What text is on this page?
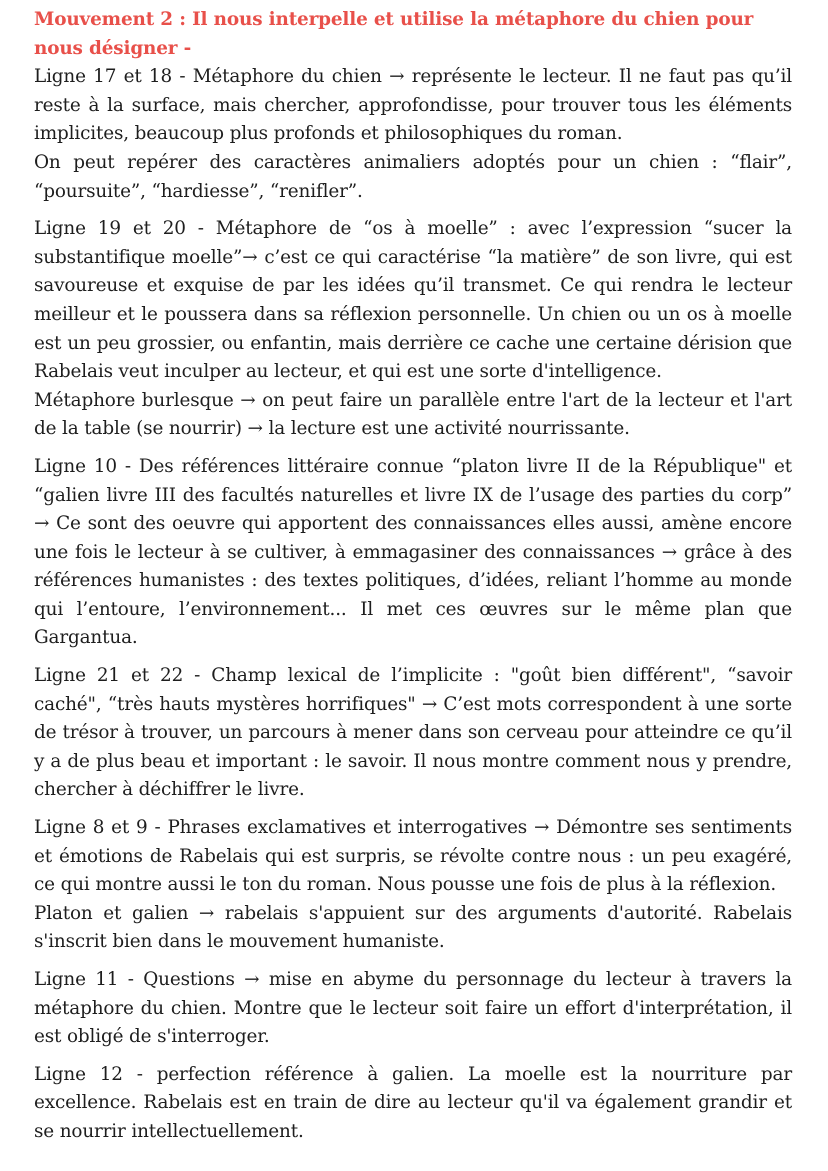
Mouvement 2 : Il nous interpelle et utilise la métaphore du chien pour nous désigner -

Ligne 17 et 18 - Métaphore du chien → représente le lecteur. Il ne faut pas qu’il reste à la surface, mais chercher, approfondisse, pour trouver tous les éléments implicites, beaucoup plus profonds et philosophiques du roman.

On peut repérer des caractères animaliers adoptés pour un chien : “flair”, “poursuite”, “hardiesse”, “renifler”.

Ligne 19 et 20 - Métaphore de “os à moelle” : avec l’expression “sucer la substantifique moelle”→ c’est ce qui caractérise “la matière” de son livre, qui est savoureuse et exquise de par les idées qu’il transmet. Ce qui rendra le lecteur meilleur et le poussera dans sa réflexion personnelle. Un chien ou un os à moelle est un peu grossier, ou enfantin, mais derrière ce cache une certaine dérision que Rabelais veut inculper au lecteur, et qui est une sorte d'intelligence.

Métaphore burlesque → on peut faire un parallèle entre l'art de la lecteur et l'art de la table (se nourrir) → la lecture est une activité nourrissante.

Ligne 10 - Des références littéraire connue “platon livre II de la République" et “galien livre III des facultés naturelles et livre IX de l’usage des parties du corp” → Ce sont des oeuvre qui apportent des connaissances elles aussi, amène encore une fois le lecteur à se cultiver, à emmagasiner des connaissances → grâce à des références humanistes : des textes politiques, d’idées, reliant l’homme au monde qui l’entoure, l’environnement... Il met ces œuvres sur le même plan que Gargantua.

Ligne 21 et 22 - Champ lexical de l’implicite : "goût bien différent", “savoir caché", “très hauts mystères horrifiques" → C’est mots correspondent à une sorte de trésor à trouver, un parcours à mener dans son cerveau pour atteindre ce qu’il y a de plus beau et important : le savoir. Il nous montre comment nous y prendre, chercher à déchiffrer le livre.

Ligne 8 et 9 - Phrases exclamatives et interrogatives → Démontre ses sentiments et émotions de Rabelais qui est surpris, se révolte contre nous : un peu exagéré, ce qui montre aussi le ton du roman. Nous pousse une fois de plus à la réflexion.

Platon et galien → rabelais s'appuient sur des arguments d'autorité. Rabelais s'inscrit bien dans le mouvement humaniste.

Ligne 11 - Questions → mise en abyme du personnage du lecteur à travers la métaphore du chien. Montre que le lecteur soit faire un effort d'interprétation, il est obligé de s'interroger.

Ligne 12 - perfection référence à galien. La moelle est la nourriture par excellence. Rabelais est en train de dire au lecteur qu'il va également grandir et se nourrir intellectuellement.
